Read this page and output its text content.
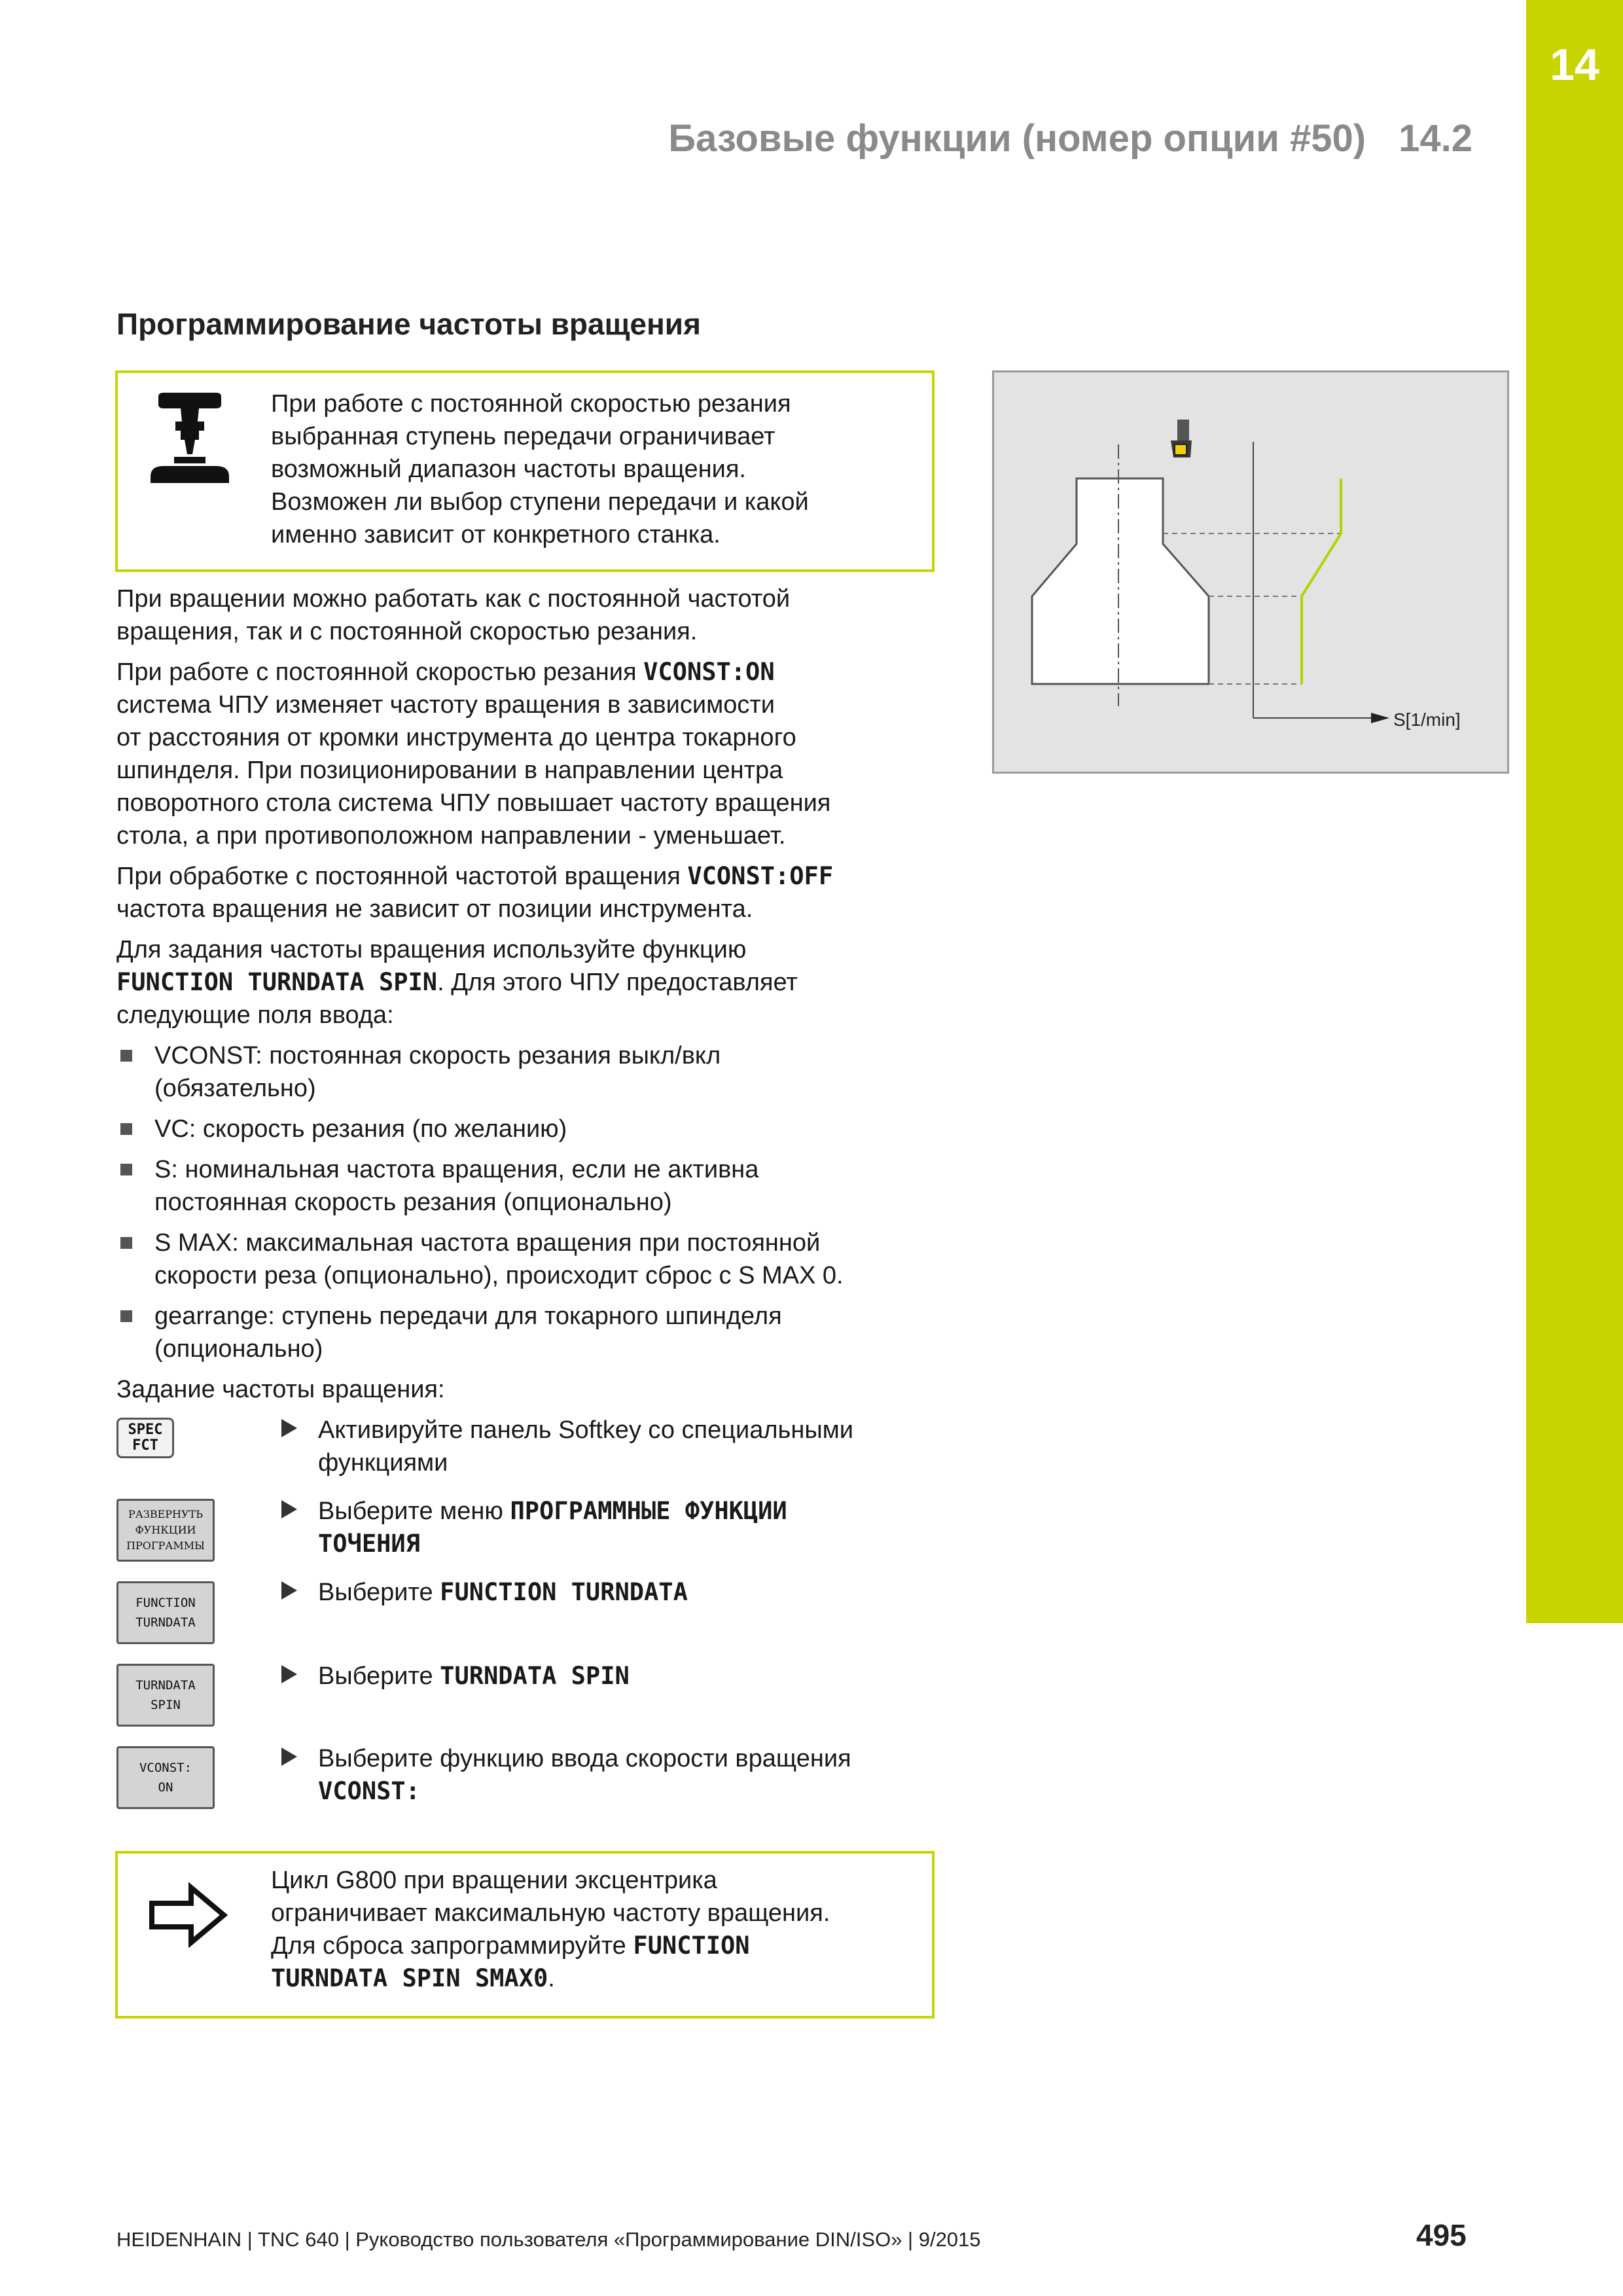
14
Базовые функции (номер опции #50) 14.2
Программирование частоты вращения
При работе с постоянной скоростью резания
выбранная ступень передачи ограничивает
возможный диапазон частоты вращения.
Возможен ли выбор ступени передачи и какой
именно зависит от конкретного станка.

При вращении можно работать как с постоянной частотой
вращения, так и с постоянной скоростью резания.

При работе с постоянной скоростью резания VCONST:ON
система ЧПУ изменяет частоту вращения в зависимости
от расстояния от кромки инструмента до центра токарного
шпинделя. При позиционировании в направлении центра
поворотного стола система ЧПУ повышает частоту вращения
стола, а при противоположном направлении - уменьшает.

При обработке с постоянной частотой вращения VCONST:OFF
частота вращения не зависит от позиции инструмента.

Для задания частоты вращения используйте функцию
FUNCTION TURNDATA SPIN. Для этого ЧПУ предоставляет
следующие поля ввода:

VCONST: постоянная скорость резания выкл/вкл
(обязательно)
VC: скорость резания (по желанию)
S: номинальная частота вращения, если не активна
постоянная скорость резания (опционально)
S MAX: максимальная частота вращения при постоянной
скорости реза (опционально), происходит сброс с S MAX 0.
gearrange: ступень передачи для токарного шпинделя
(опционально)

Задание частоты вращения:

SPEC
FCT
Активируйте панель Softkey со специальными
функциями
РАЗВЕРНУТЬ
ФУНКЦИИ
ПРОГРАММЫ
Выберите меню ПРОГРАММНЫЕ ФУНКЦИИ
ТОЧЕНИЯ
FUNCTION
TURNDATA
Выберите FUNCTION TURNDATA
TURNDATA
SPIN
Выберите TURNDATA SPIN
VCONST:
ON
Выберите функцию ввода скорости вращения
VCONST:
Цикл G800 при вращении эксцентрика
ограничивает максимальную частоту вращения.
Для сброса запрограммируйте FUNCTION
TURNDATA SPIN SMAX0.
S[1/min]
HEIDENHAIN | TNC 640 | Руководство пользователя «Программирование DIN/ISO» | 9/2015	495
